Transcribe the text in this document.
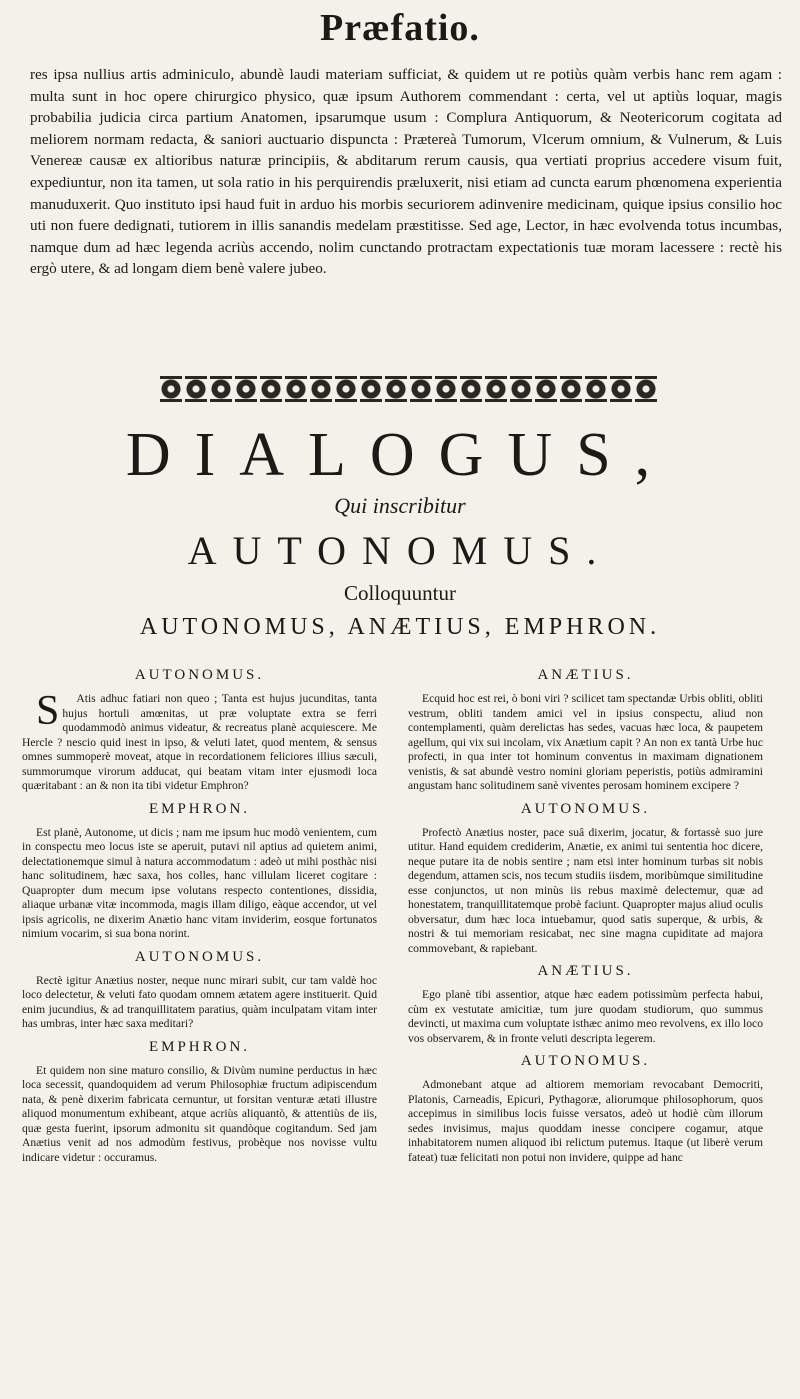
Præfatio.
res ipsa nullius artis adminiculo, abundè laudi materiam sufficiat, & quidem ut re potiùs quàm verbis hanc rem agam : multa sunt in hoc opere chirurgico physico, quæ ipsum Authorem commendant : certa, vel ut aptiùs loquar, magis probabilia judicia circa partium Anatomen, ipsarumque usum : Complura Antiquorum, & Neotericorum cogitata ad meliorem normam redacta, & saniori auctuario dispuncta : Prætereà Tumorum, Vlcerum omnium, & Vulnerum, & Luis Venereæ causæ ex altioribus naturæ principiis, & abditarum rerum causis, qua vertiati proprius accedere visum fuit, expediuntur, non ita tamen, ut sola ratio in his perquirendis præluxerit, nisi etiam ad cuncta earum phœnomena experientia manuduxerit. Quo instituto ipsi haud fuit in arduo his morbis securiorem adinvenire medicinam, quique ipsius consilio hoc uti non fuere dedignati, tutiorem in illis sanandis medelam præstitisse. Sed age, Lector, in hæc evolvenda totus incumbas, namque dum ad hæc legenda acriùs accendo, nolim cunctando protractam expectationis tuæ moram lacessere : rectè his ergò utere, & ad longam diem benè valere jubeo.
DIALOGUS,
Qui inscribitur
AUTONOMUS.
Colloquuntur
AUTONOMUS, ANÆTIUS, EMPHRON.
AUTONOMUS.

SAtis adhuc fatiari non queo ; Tanta est hujus jucunditas, tanta hujus hortuli amœnitas, ut præ voluptate extra se ferri quodammodò animus videatur, & recreatus planè acquiescere. Me Hercle ? nescio quid inest in ipso, & veluti latet, quod mentem, & sensus omnes summoperè moveat, atque in recordationem feliciores illius sæculi, summorumque virorum adducat, qui beatam vitam inter ejusmodi loca quæritabant : an & non ita tibi videtur Emphron?

EMPHRON.

Est planè, Autonome, ut dicis ; nam me ipsum huc modò venientem, cum in conspectu meo locus iste se aperuit, putavi nil aptius ad quietem animi, delectationemque simul à natura accommodatum : adeò ut mihi posthàc nisi hanc solitudinem, hæc saxa, hos colles, hanc villulam liceret cogitare : Quapropter dum mecum ipse volutans respecto contentiones, dissidia, aliaque urbanæ vitæ incommoda, magis illam diligo, eàque accendor, ut vel ipsis agricolis, ne dixerim Anætio hanc vitam inviderim, eosque fortunatos nimium vocarim, si sua bona norint.

AUTONOMUS.

Rectè igitur Anætius noster, neque nunc mirari subit, cur tam valdè hoc loco delectetur, & veluti fato quodam omnem ætatem agere instituerit. Quid enim jucundius, & ad tranquillitatem paratius, quàm inculpatam vitam inter has umbras, inter hæc saxa meditari?

EMPHRON.

Et quidem non sine maturo consilio, & Divùm numine perductus in hæc loca secessit, quandoquidem ad verum Philosophiæ fructum adipiscendum nata, & penè dixerim fabricata cernuntur, ut forsitan venturæ ætati illustre aliquod monumentum exhibeant, atque acriùs aliquantò, & attentiùs de iis, quæ gesta fuerint, ipsorum admonitu sit quandòque cogitandum. Sed jam Anætius venit ad nos admodùm festivus, probèque nos novisse vultu indicare videtur : occuramus.

ANÆTIUS.

Ecquid hoc est rei, ò boni viri ? scilicet tam spectandæ Urbis obliti, obliti vestrum, obliti tandem amici vel in ipsius conspectu, aliud non contemplamenti, quàm derelictas has sedes, vacuas hæc loca, & paupetem agellum, qui vix sui incolam, vix Anætium capit ? An non ex tantà Urbe huc profecti, in qua inter tot hominum conventus in maximam dignationem venistis, & sat abundè vestro nomini gloriam peperistis, potiùs admiramini angustam hanc solitudinem sanè viventes perosam hominem excipere ?

AUTONOMUS.

Profectò Anætius noster, pace suâ dixerim, jocatur, & fortassè suo jure utitur. Hand equidem crediderim, Anætie, ex animi tui sententia hoc dicere, neque putare ita de nobis sentire ; nam etsi inter hominum turbas sit nobis degendum, attamen scis, nos tecum studiis iisdem, moribùmque similitudine esse conjunctos, ut non minùs iis rebus maximè delectemur, quæ ad honestatem, tranquillitatemque probè faciunt. Quapropter majus aliud oculis obversatur, dum hæc loca intuebamur, quod satis superque, & urbis, & nostri & tui memoriam resicabat, nec sine magna cupiditate ad majora commovebant, & rapiebant.

ANÆTIUS.

Ego planè tibi assentior, atque hæc eadem potissimùm perfecta habui, cùm ex vestutate amicitiæ, tum jure quodam studiorum, quo summus devincti, ut maxima cum voluptate isthæc animo meo revolvens, ex illo loco vos observarem, & in fronte veluti descripta legerem.

AUTONOMUS.

Admonebant atque ad altiorem memoriam revocabant Democriti, Platonis, Carneadis, Epicuri, Pythagoræ, aliorumque philosophorum, quos accepimus in similibus locis fuisse versatos, adeò ut hodiè cùm illorum sedes invisimus, majus quoddam inesse concipere cogamur, atque inhabitatorem numen aliquod ibi relictum putemus. Itaque (ut liberè verum fateat) tuæ felicitati non potui non invidere, quippe ad hanc
